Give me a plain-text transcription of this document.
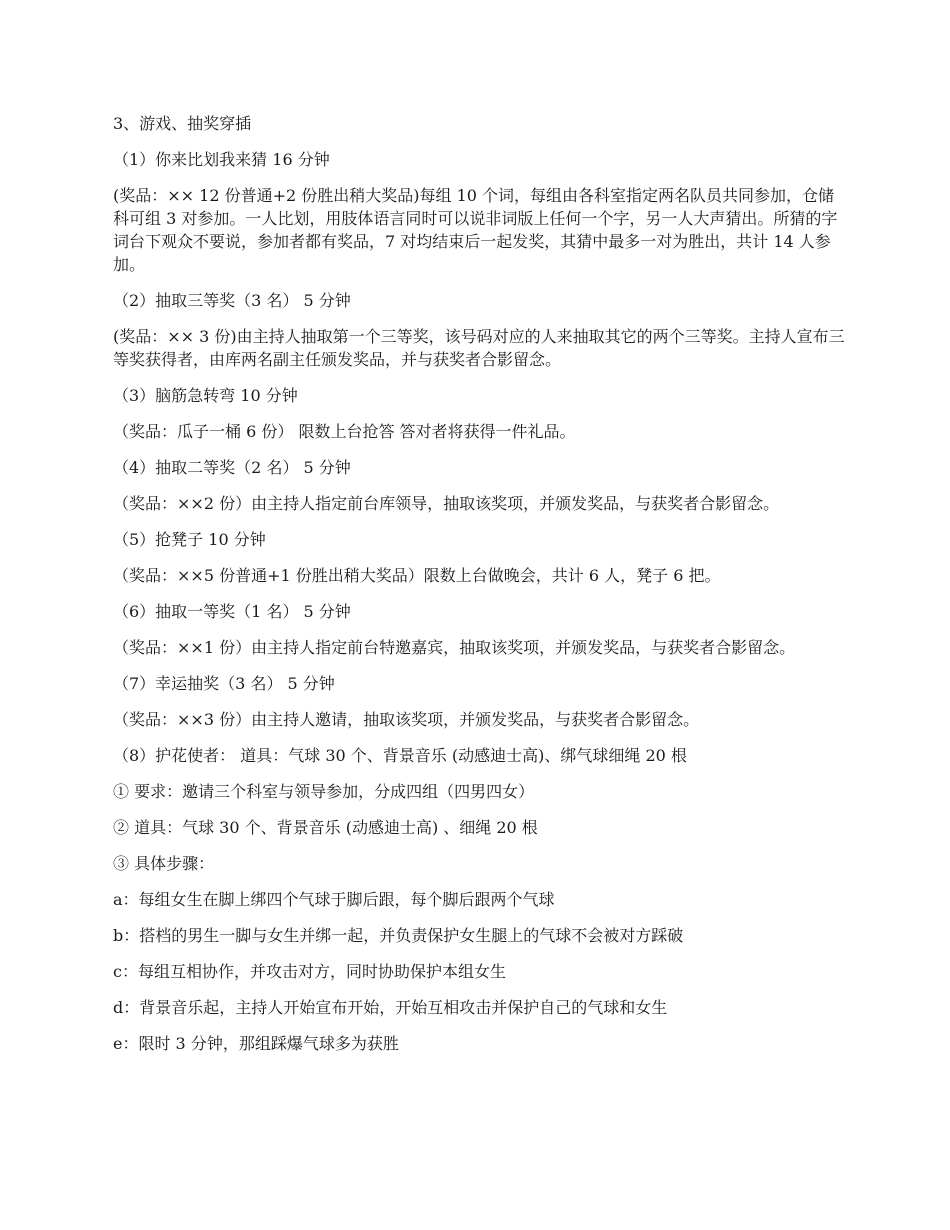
3、游戏、抽奖穿插

（1）你来比划我来猜 16 分钟

(奖品：×× 12 份普通+2 份胜出稍大奖品)每组 10 个词，每组由各科室指定两名队员共同参加，仓储科可组 3 对参加。一人比划，用肢体语言同时可以说非词版上任何一个字，另一人大声猜出。所猜的字词台下观众不要说，参加者都有奖品，7 对均结束后一起发奖，其猜中最多一对为胜出，共计 14 人参加。

（2）抽取三等奖（3 名） 5 分钟

(奖品：×× 3 份)由主持人抽取第一个三等奖，该号码对应的人来抽取其它的两个三等奖。主持人宣布三等奖获得者，由库两名副主任颁发奖品，并与获奖者合影留念。

（3）脑筋急转弯 10 分钟

（奖品：瓜子一桶 6 份） 限数上台抢答 答对者将获得一件礼品。

（4）抽取二等奖（2 名） 5 分钟

（奖品：××2 份）由主持人指定前台库领导，抽取该奖项，并颁发奖品，与获奖者合影留念。

（5）抢凳子 10 分钟

（奖品：××5 份普通+1 份胜出稍大奖品）限数上台做晚会，共计 6 人，凳子 6 把。

（6）抽取一等奖（1 名） 5 分钟

（奖品：××1 份）由主持人指定前台特邀嘉宾，抽取该奖项，并颁发奖品，与获奖者合影留念。

（7）幸运抽奖（3 名） 5 分钟

（奖品：××3 份）由主持人邀请，抽取该奖项，并颁发奖品，与获奖者合影留念。

（8）护花使者： 道具：气球 30 个、背景音乐 (动感迪士高)、绑气球细绳 20 根

① 要求：邀请三个科室与领导参加，分成四组（四男四女）

② 道具：气球 30 个、背景音乐 (动感迪士高) 、细绳 20 根

③ 具体步骤：

a：每组女生在脚上绑四个气球于脚后跟，每个脚后跟两个气球

b：搭档的男生一脚与女生并绑一起，并负责保护女生腿上的气球不会被对方踩破

c：每组互相协作，并攻击对方，同时协助保护本组女生

d：背景音乐起，主持人开始宣布开始，开始互相攻击并保护自己的气球和女生

e：限时 3 分钟，那组踩爆气球多为获胜
